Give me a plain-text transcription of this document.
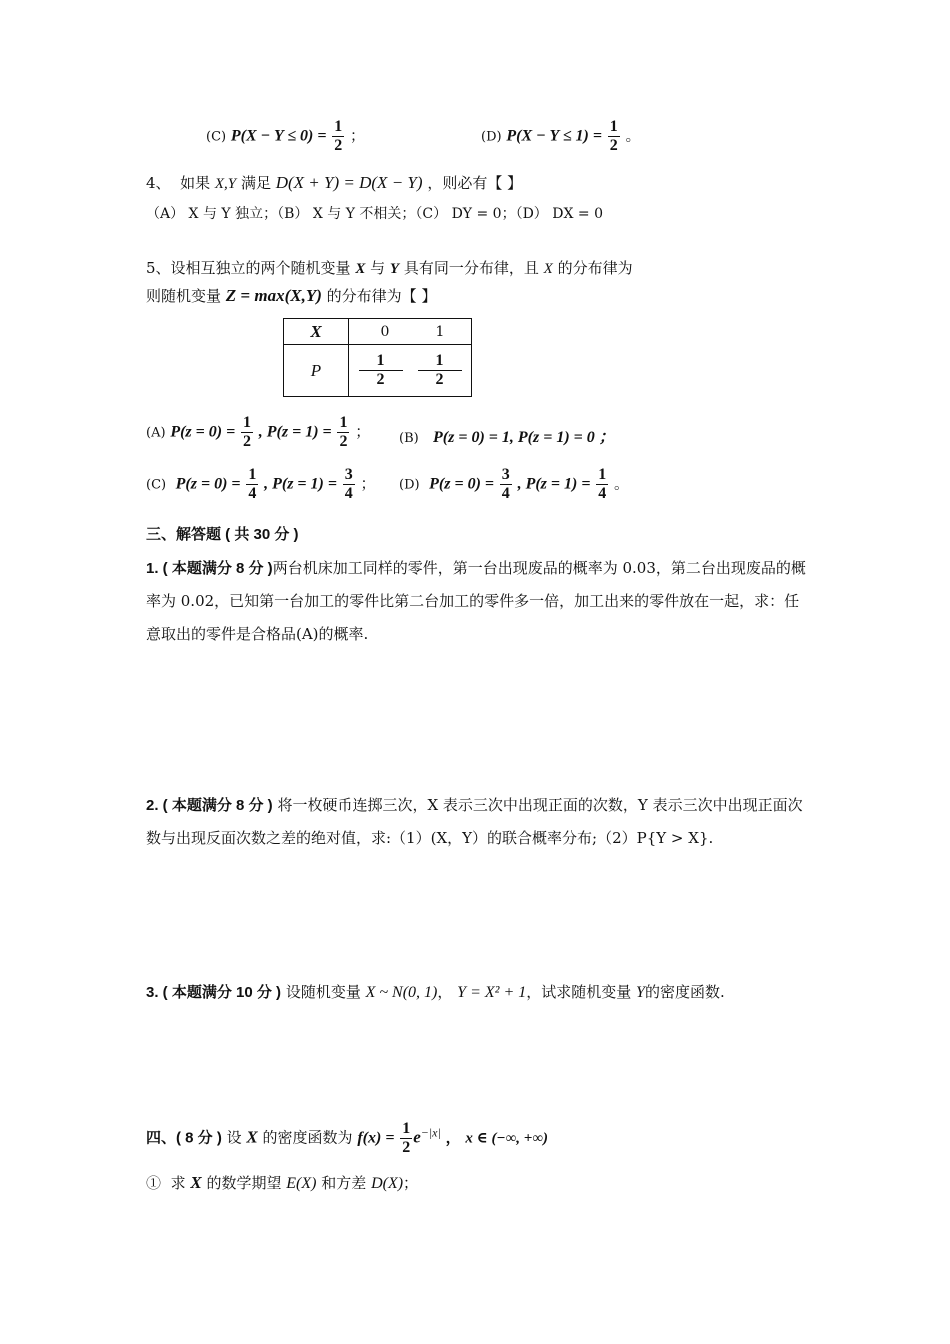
(C) $P(X - Y \le 0) = \frac{1}{2}$ ；	(D) $P(X - Y \le 1) = \frac{1}{2}$ 。
4、 如果 X,Y 满足 D(X + Y) = D(X − Y) ，则必有【 】
（A） X 与 Y 独立；（B） X 与 Y 不相关；（C） DY = 0；（D） DX = 0
5、设相互独立的两个随机变量 X 与 Y 具有同一分布律，且 X 的分布律为
则随机变量 Z = max(X,Y) 的分布律为【 】
X	0 1
P	$\frac{1}{2} \frac{1}{2}$
(A) $P(z = 0) = \frac{1}{2}$ , $P(z = 1) = \frac{1}{2}$ ； (B) P(z = 0) = 1, P(z = 1) = 0 ；
(C) $P(z = 0) = \frac{1}{4}$ , $P(z = 1) = \frac{3}{4}$ ； (D) $P(z = 0) = \frac{3}{4}$ , $P(z = 1) = \frac{1}{4}$ 。
三、解答题 ( 共 30 分 )
1. ( 本题满分 8 分 )两台机床加工同样的零件，第一台出现废品的概率为 0.03，第二台出现废品的概率为 0.02，已知第一台加工的零件比第二台加工的零件多一倍，加工出来的零件放在一起，求：任意取出的零件是合格品(A)的概率.
2. ( 本题满分 8 分 ) 将一枚硬币连掷三次，X 表示三次中出现正面的次数，Y 表示三次中出现正面次数与出现反面次数之差的绝对值，求:（1）(X，Y）的联合概率分布;（2）P{Y > X}.
3. ( 本题满分 10 分 ) 设随机变量 X ~ N(0, 1)， Y = X² + 1，试求随机变量 Y的密度函数.
四、( 8 分 ) 设 X 的密度函数为 $f(x) = \frac{1}{2} e^{-|x|}$ ， x ∈ (−∞, +∞)
① 求 X 的数学期望 E(X) 和方差 D(X)；
